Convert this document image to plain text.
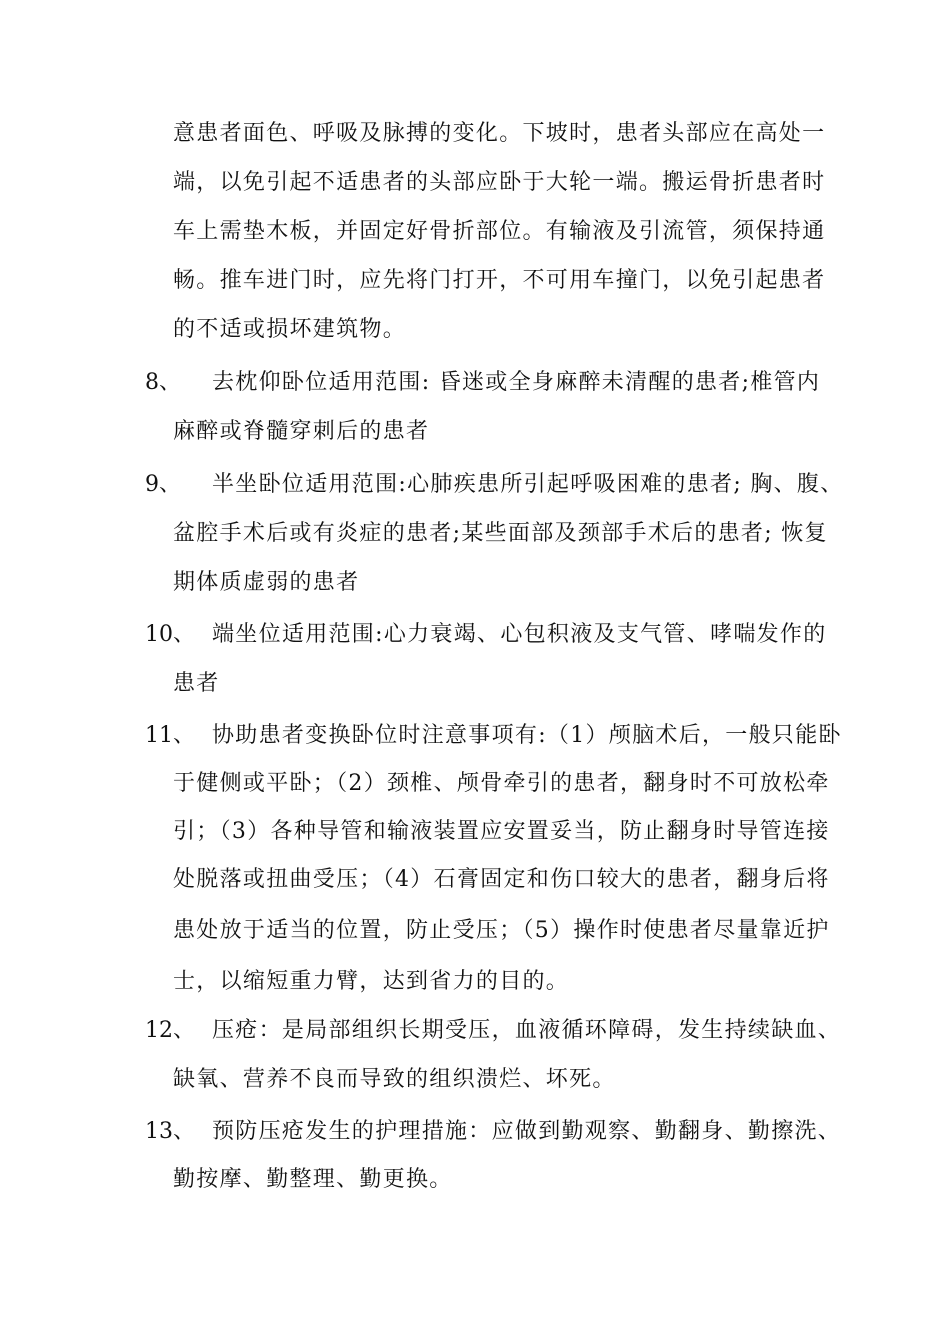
意患者面色、呼吸及脉搏的变化。下坡时，患者头部应在高处一
端，以免引起不适患者的头部应卧于大轮一端。搬运骨折患者时
车上需垫木板，并固定好骨折部位。有输液及引流管，须保持通
畅。推车进门时，应先将门打开，不可用车撞门，以免引起患者
的不适或损坏建筑物。
8、 去枕仰卧位适用范围: 昏迷或全身麻醉未清醒的患者;椎管内
麻醉或脊髓穿刺后的患者
9、 半坐卧位适用范围:心肺疾患所引起呼吸困难的患者; 胸、腹、
盆腔手术后或有炎症的患者;某些面部及颈部手术后的患者; 恢复
期体质虚弱的患者
10、 端坐位适用范围:心力衰竭、心包积液及支气管、哮喘发作的
患者
11、 协助患者变换卧位时注意事项有:（1）颅脑术后，一般只能卧
于健侧或平卧；（2）颈椎、颅骨牵引的患者，翻身时不可放松牵
引；（3）各种导管和输液装置应安置妥当，防止翻身时导管连接
处脱落或扭曲受压；（4）石膏固定和伤口较大的患者，翻身后将
患处放于适当的位置，防止受压；（5）操作时使患者尽量靠近护
士，以缩短重力臂，达到省力的目的。
12、 压疮：是局部组织长期受压，血液循环障碍，发生持续缺血、
缺氧、营养不良而导致的组织溃烂、坏死。
13、 预防压疮发生的护理措施：应做到勤观察、勤翻身、勤擦洗、
勤按摩、勤整理、勤更换。
